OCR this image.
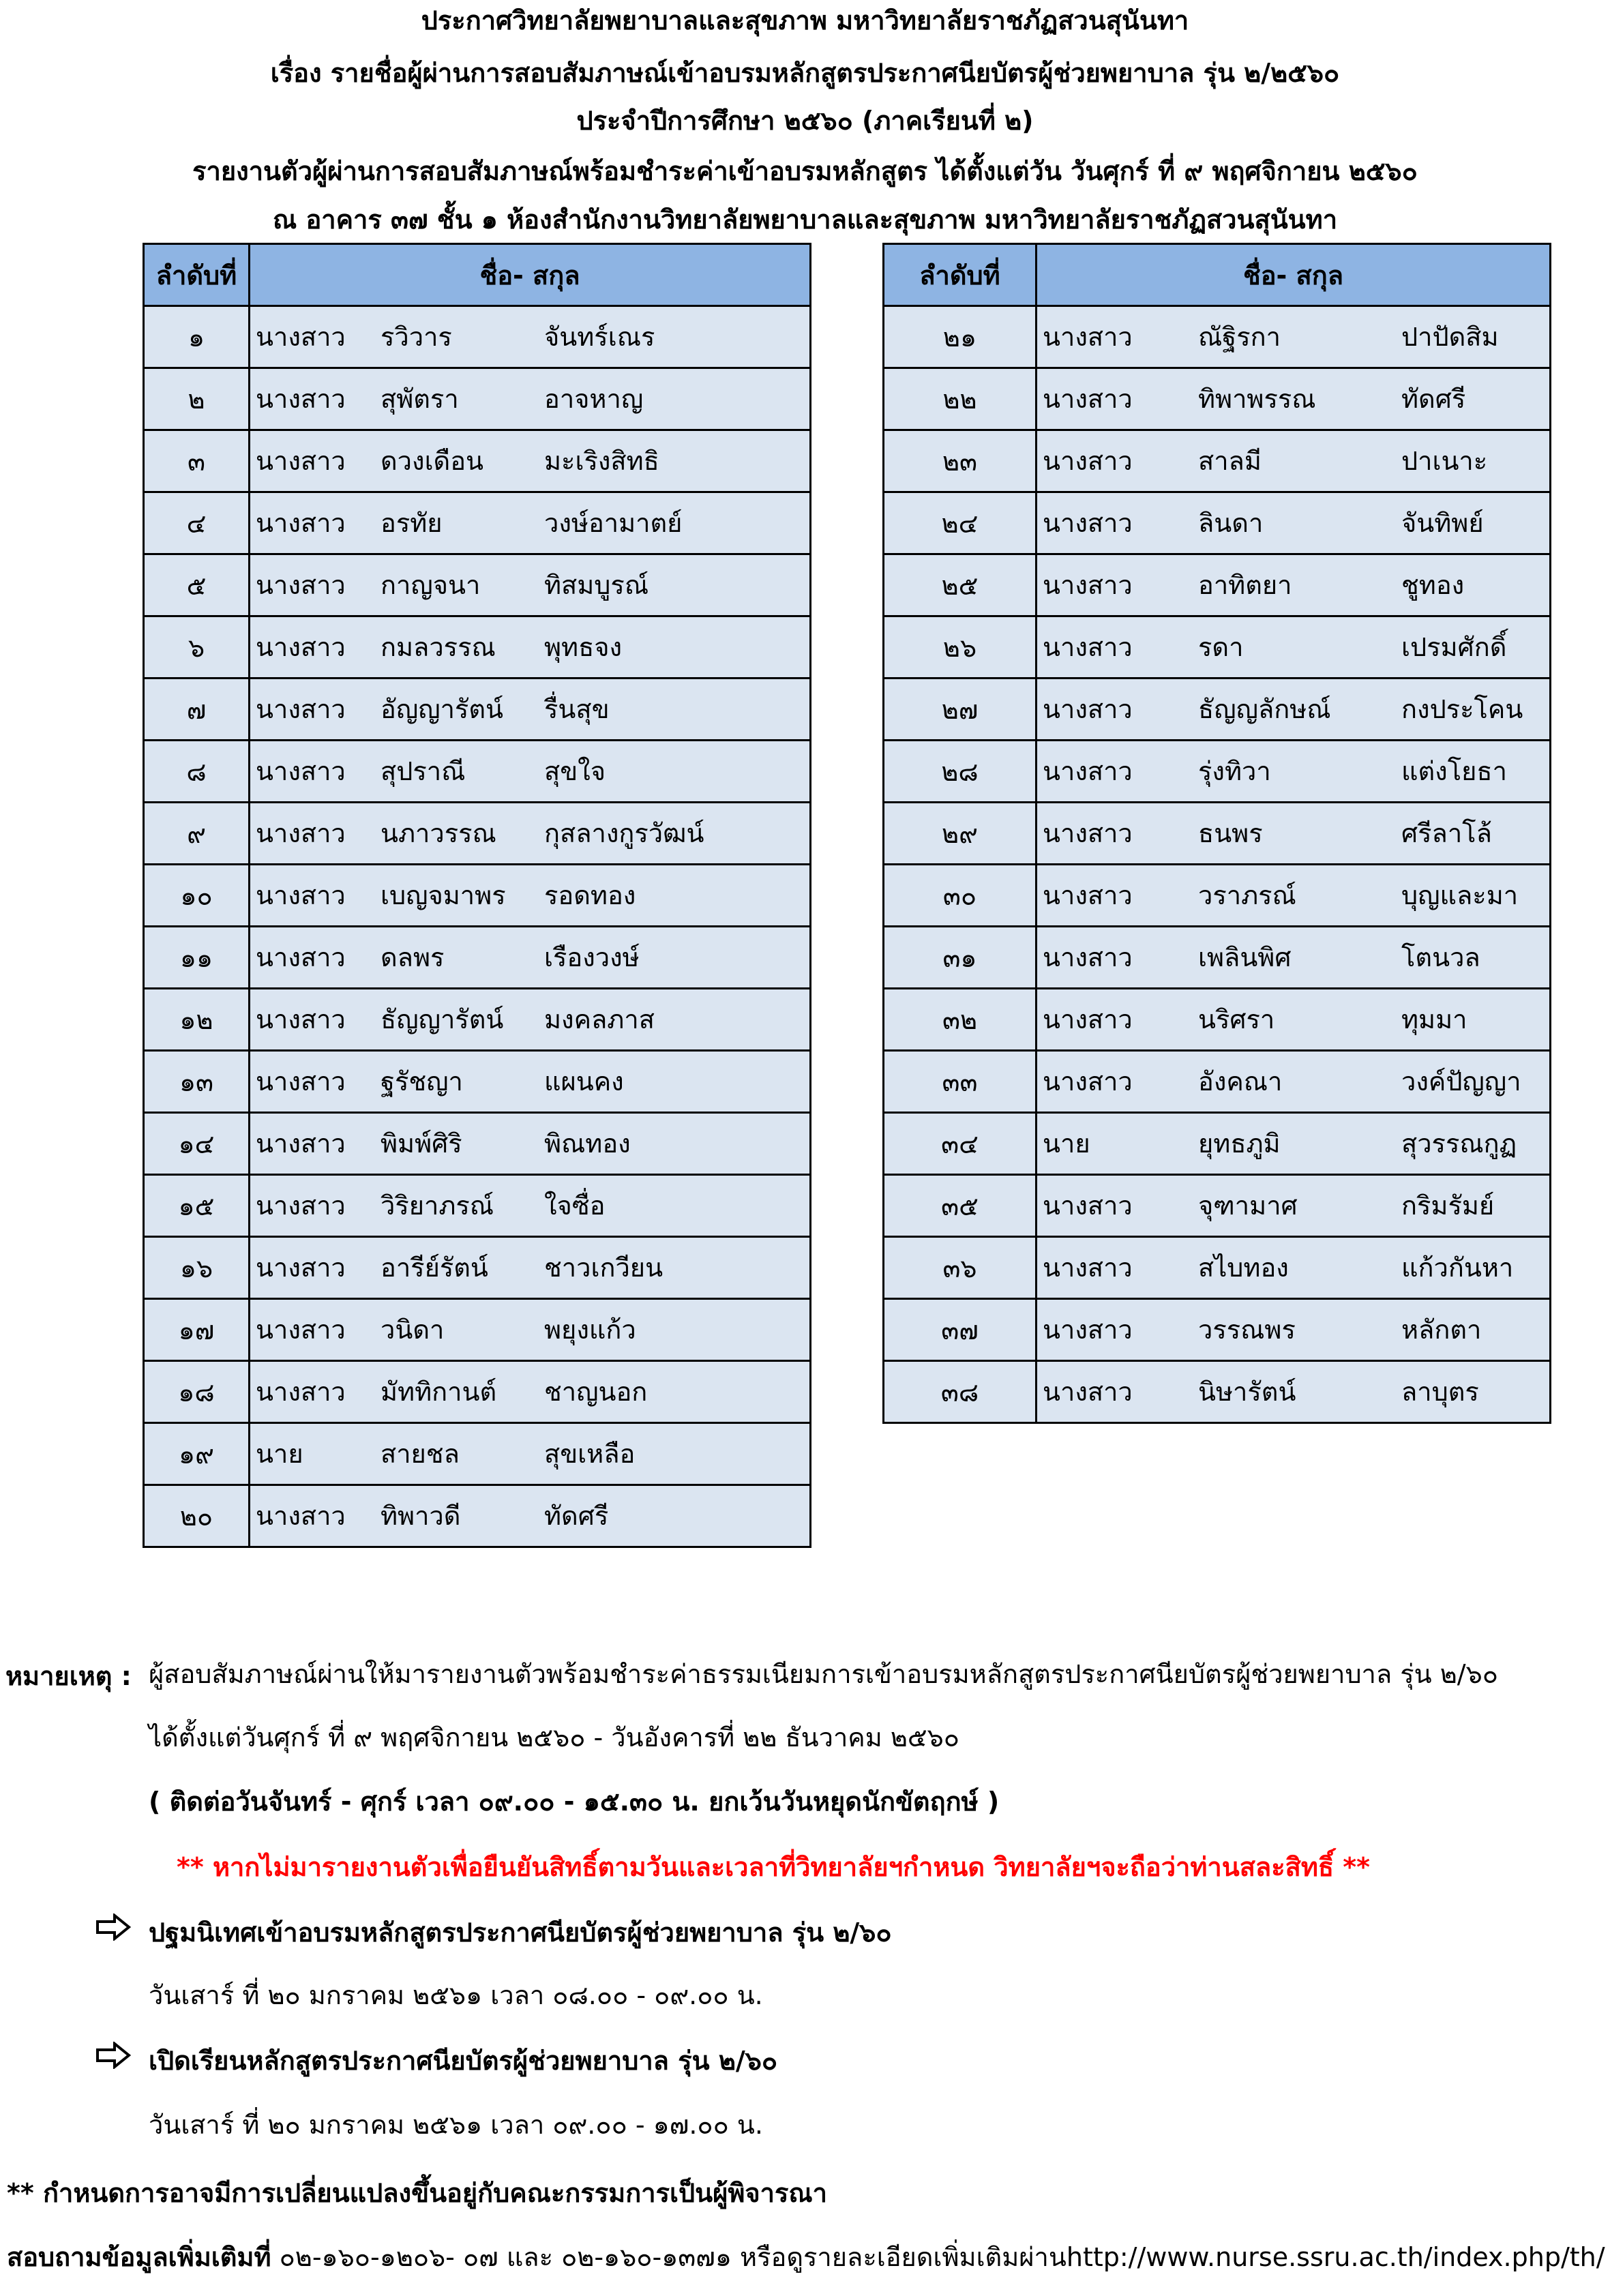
ประกาศวิทยาลัยพยาบาลและสุขภาพ มหาวิทยาลัยราชภัฏสวนสุนันทา
เรื่อง รายชื่อผู้ผ่านการสอบสัมภาษณ์เข้าอบรมหลักสูตรประกาศนียบัตรผู้ช่วยพยาบาล รุ่น ๒/๒๕๖๐
ประจำปีการศึกษา ๒๕๖๐ (ภาคเรียนที่ ๒)
รายงานตัวผู้ผ่านการสอบสัมภาษณ์พร้อมชำระค่าเข้าอบรมหลักสูตร ได้ตั้งแต่วัน วันศุกร์ ที่ ๙ พฤศจิกายน ๒๕๖๐
ณ อาคาร ๓๗ ชั้น ๑ ห้องสำนักงานวิทยาลัยพยาบาลและสุขภาพ มหาวิทยาลัยราชภัฏสวนสุนันทา
ลำดับที่	ชื่อ- สกุล
๑	นางสาว รวิวาร จันทร์เณร

๒	นางสาว สุพัตรา อาจหาญ

๓	นางสาว ดวงเดือน มะเริงสิทธิ

๔	นางสาว อรทัย วงษ์อามาตย์

๕	นางสาว กาญจนา ทิสมบูรณ์

๖	นางสาว กมลวรรณ พุทธจง

๗	นางสาว อัญญารัตน์ รื่นสุข

๘	นางสาว สุปราณี สุขใจ

๙	นางสาว นภาวรรณ กุสลางกูรวัฒน์

๑๐	นางสาว เบญจมาพร รอดทอง

๑๑	นางสาว ดลพร เรืองวงษ์

๑๒	นางสาว ธัญญารัตน์ มงคลภาส

๑๓	นางสาว ฐรัชญา แผนคง

๑๔	นางสาว พิมพ์ศิริ พิณทอง

๑๕	นางสาว วิริยาภรณ์ ใจซื่อ

๑๖	นางสาว อารีย์รัตน์ ชาวเกวียน

๑๗	นางสาว วนิดา พยุงแก้ว

๑๘	นางสาว มัททิกานต์ ชาญนอก

๑๙	นาย สายชล สุขเหลือ

๒๐	นางสาว ทิพาวดี ทัดศรี
ลำดับที่	ชื่อ- สกุล
๒๑	นางสาว ณัฐิรกา ปาปัดสิม

๒๒	นางสาว ทิพาพรรณ ทัดศรี

๒๓	นางสาว สาลมี ปาเนาะ

๒๔	นางสาว ลินดา จันทิพย์

๒๕	นางสาว อาทิตยา ชูทอง

๒๖	นางสาว รดา เปรมศักดิ์

๒๗	นางสาว ธัญญลักษณ์ กงประโคน

๒๘	นางสาว รุ่งทิวา แต่งโยธา

๒๙	นางสาว ธนพร ศรีลาโล้

๓๐	นางสาว วราภรณ์ บุญและมา

๓๑	นางสาว เพลินพิศ โตนวล

๓๒	นางสาว นริศรา ทุมมา

๓๓	นางสาว อังคณา วงค์ปัญญา

๓๔	นาย ยุทธภูมิ สุวรรณกูฏ

๓๕	นางสาว จุฑามาศ กริมรัมย์

๓๖	นางสาว สไบทอง แก้วกันหา

๓๗	นางสาว วรรณพร หลักตา

๓๘	นางสาว นิษารัตน์ ลาบุตร
หมายเหตุ : ผู้สอบสัมภาษณ์ผ่านให้มารายงานตัวพร้อมชำระค่าธรรมเนียมการเข้าอบรมหลักสูตรประกาศนียบัตรผู้ช่วยพยาบาล รุ่น ๒/๖๐
ได้ตั้งแต่วันศุกร์ ที่ ๙ พฤศจิกายน ๒๕๖๐ - วันอังคารที่ ๒๒ ธันวาคม ๒๕๖๐
( ติดต่อวันจันทร์ - ศุกร์ เวลา ๐๙.๐๐ - ๑๕.๓๐ น. ยกเว้นวันหยุดนักขัตฤกษ์ )
** หากไม่มารายงานตัวเพื่อยืนยันสิทธิ์ตามวันและเวลาที่วิทยาลัยฯกำหนด วิทยาลัยฯจะถือว่าท่านสละสิทธิ์ **
ปฐมนิเทศเข้าอบรมหลักสูตรประกาศนียบัตรผู้ช่วยพยาบาล รุ่น ๒/๖๐
วันเสาร์ ที่ ๒๐ มกราคม ๒๕๖๑ เวลา ๐๘.๐๐ - ๐๙.๐๐ น.
เปิดเรียนหลักสูตรประกาศนียบัตรผู้ช่วยพยาบาล รุ่น ๒/๖๐
วันเสาร์ ที่ ๒๐ มกราคม ๒๕๖๑ เวลา ๐๙.๐๐ - ๑๗.๐๐ น.
** กำหนดการอาจมีการเปลี่ยนแปลงขึ้นอยู่กับคณะกรรมการเป็นผู้พิจารณา
สอบถามข้อมูลเพิ่มเติมที่ ๐๒-๑๖๐-๑๒๐๖- ๐๗ และ ๐๒-๑๖๐-๑๓๗๑ หรือดูรายละเอียดเพิ่มเติมผ่านhttp://www.nurse.ssru.ac.th/index.php/th/
